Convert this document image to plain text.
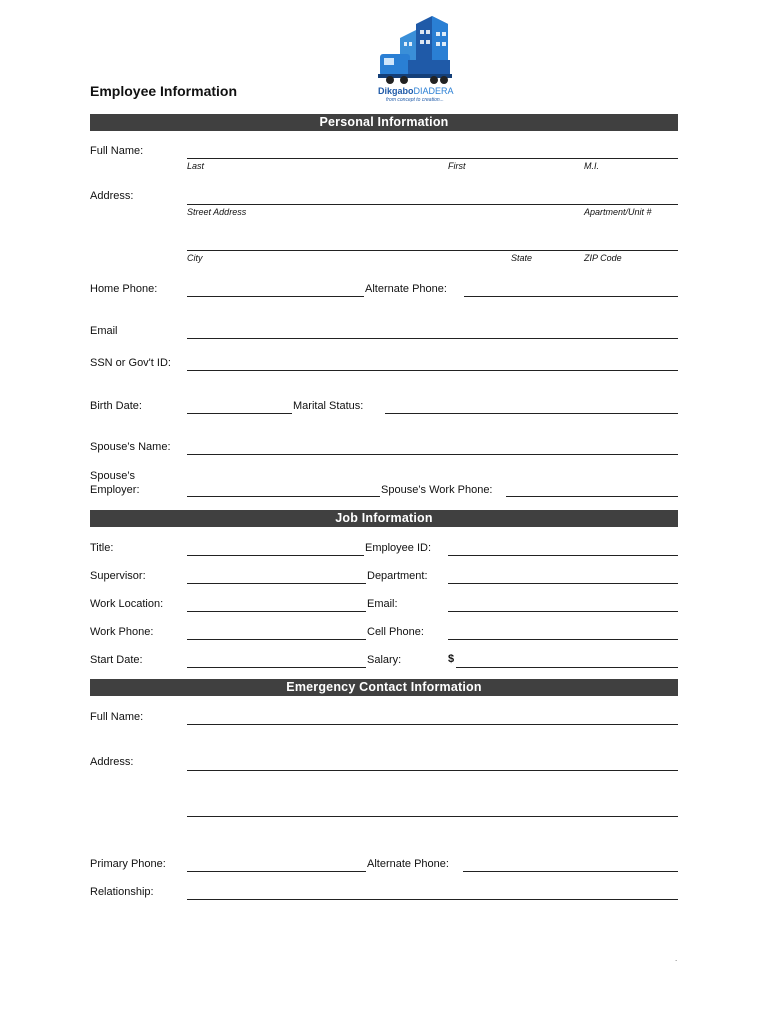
DikgaboDIADERA
from concept to creation...
Employee Information
Personal Information
Full Name:
Last	First	M.I.
Address:
Street Address	Apartment/Unit #
City	State	ZIP Code
Home Phone:	Alternate Phone:
Email
SSN or Gov't ID:
Birth Date:	Marital Status:
Spouse’s Name:
Spouse’s
Employer:	Spouse’s Work Phone:
Job Information
Title:	Employee ID:
Supervisor:	Department:
Work Location:	Email:
Work Phone:	Cell Phone:
Start Date:	Salary:	$
Emergency Contact Information
Full Name:
Address:
Primary Phone:	Alternate Phone:
Relationship:
.
